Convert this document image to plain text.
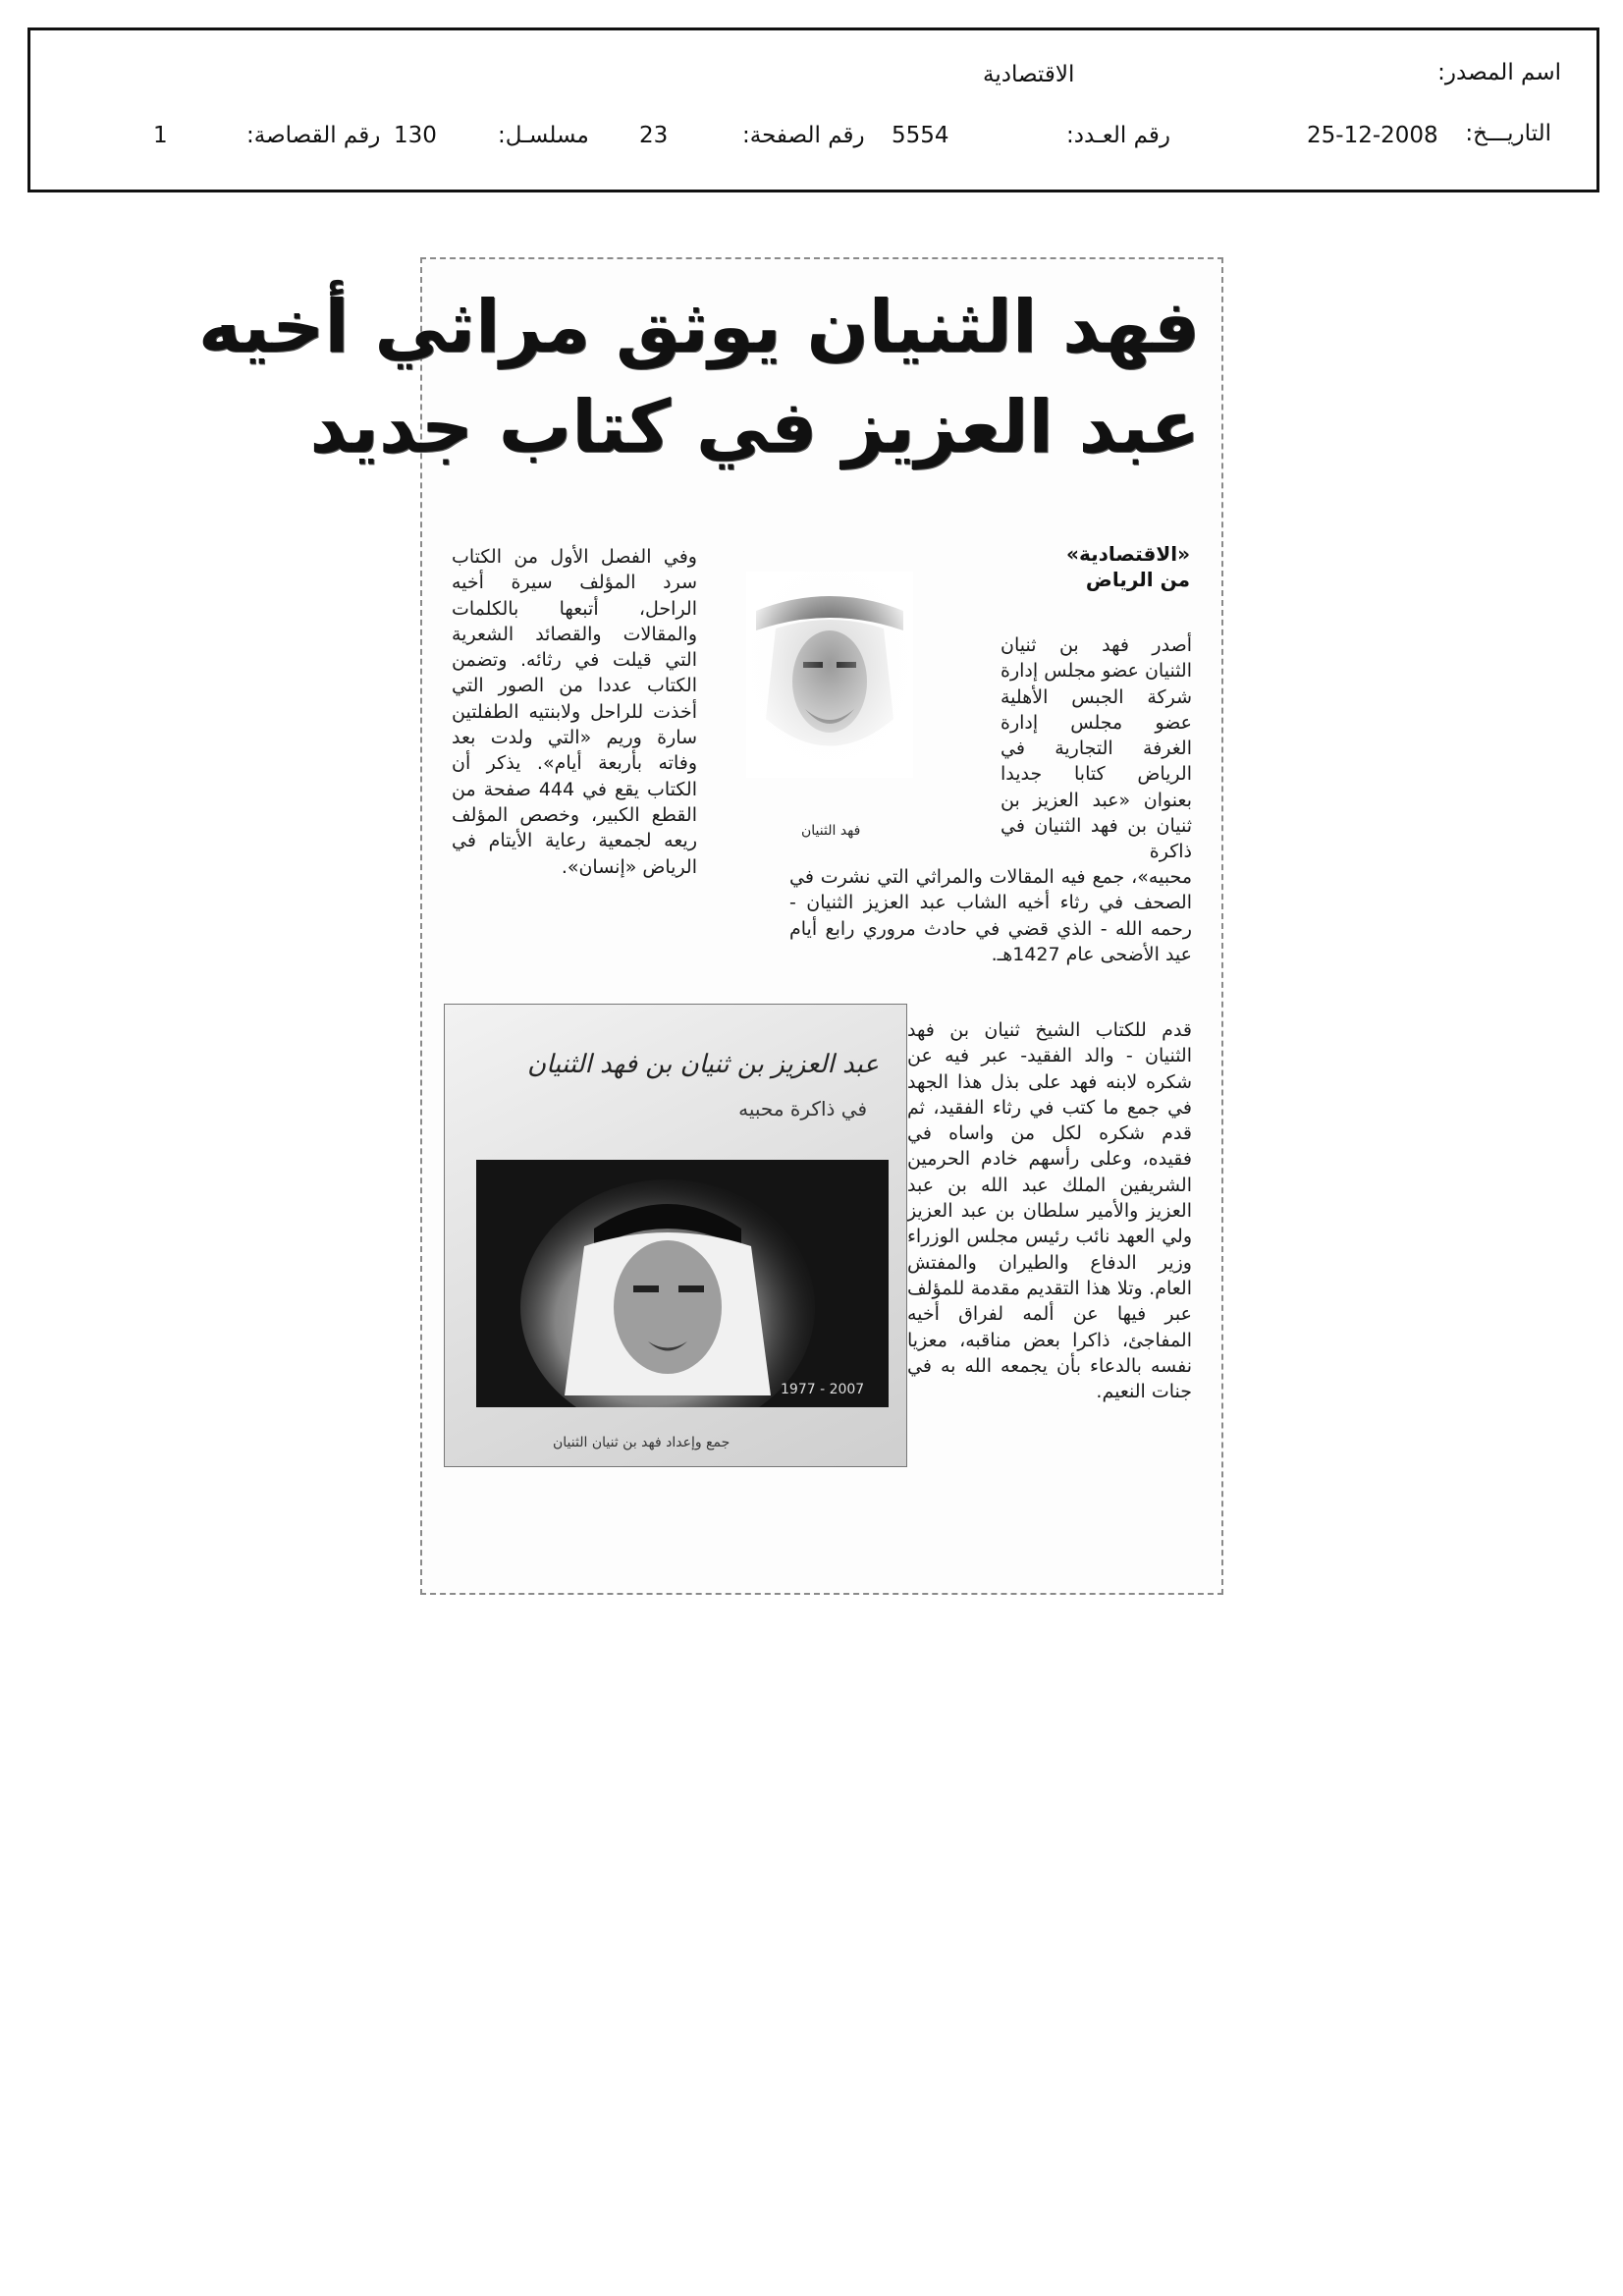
اسم المصدر:
الاقتصادية
التاريـــخ:
25-12-2008
رقم العـدد:
5554
رقم الصفحة:
23
مسلسـل:
130
رقم القصاصة:
1
فهد الثنيان يوثق مراثي أخيه
عبد العزيز في كتاب جديد
«الاقتصادية»
من الرياض
فهد الثنيان
أصدر فهد بن ثنيان الثنيان عضو مجلس إدارة شركة الجبس الأهلية عضو مجلس إدارة الغرفة التجارية في الرياض كتابا جديدا بعنوان «عبد العزيز بن ثنيان بن فهد الثنيان في ذاكرة
محبيه»، جمع فيه المقالات والمراثي التي نشرت في الصحف في رثاء أخيه الشاب عبد العزيز الثنيان - رحمه الله - الذي قضي في حادث مروري رابع أيام عيد الأضحى عام 1427هـ.
قدم للكتاب الشيخ ثنيان بن فهد الثنيان - والد الفقيد- عبر فيه عن شكره لابنه فهد على بذل هذا الجهد في جمع ما كتب في رثاء الفقيد، ثم قدم شكره لكل من واساه في فقيده، وعلى رأسهم خادم الحرمين الشريفين الملك عبد الله بن عبد العزيز والأمير سلطان بن عبد العزيز ولي العهد نائب رئيس مجلس الوزراء وزير الدفاع والطيران والمفتش العام. وتلا هذا التقديم مقدمة للمؤلف عبر فيها عن ألمه لفراق أخيه المفاجئ، ذاكرا بعض مناقبه، معزيا نفسه بالدعاء بأن يجمعه الله به في جنات النعيم.
وفي الفصل الأول من الكتاب سرد المؤلف سيرة أخيه الراحل، أتبعها بالكلمات والمقالات والقصائد الشعرية التي قيلت في رثائه. وتضمن الكتاب عددا من الصور التي أخذت للراحل ولابنتيه الطفلتين سارة وريم «التي ولدت بعد وفاته بأربعة أيام». يذكر أن الكتاب يقع في 444 صفحة من القطع الكبير، وخصص المؤلف ريعه لجمعية رعاية الأيتام في الرياض «إنسان».
عبد العزيز بن ثنيان بن فهد الثنيان
في ذاكرة محبيه
1977 - 2007
جمع وإعداد فهد بن ثنيان الثنيان
